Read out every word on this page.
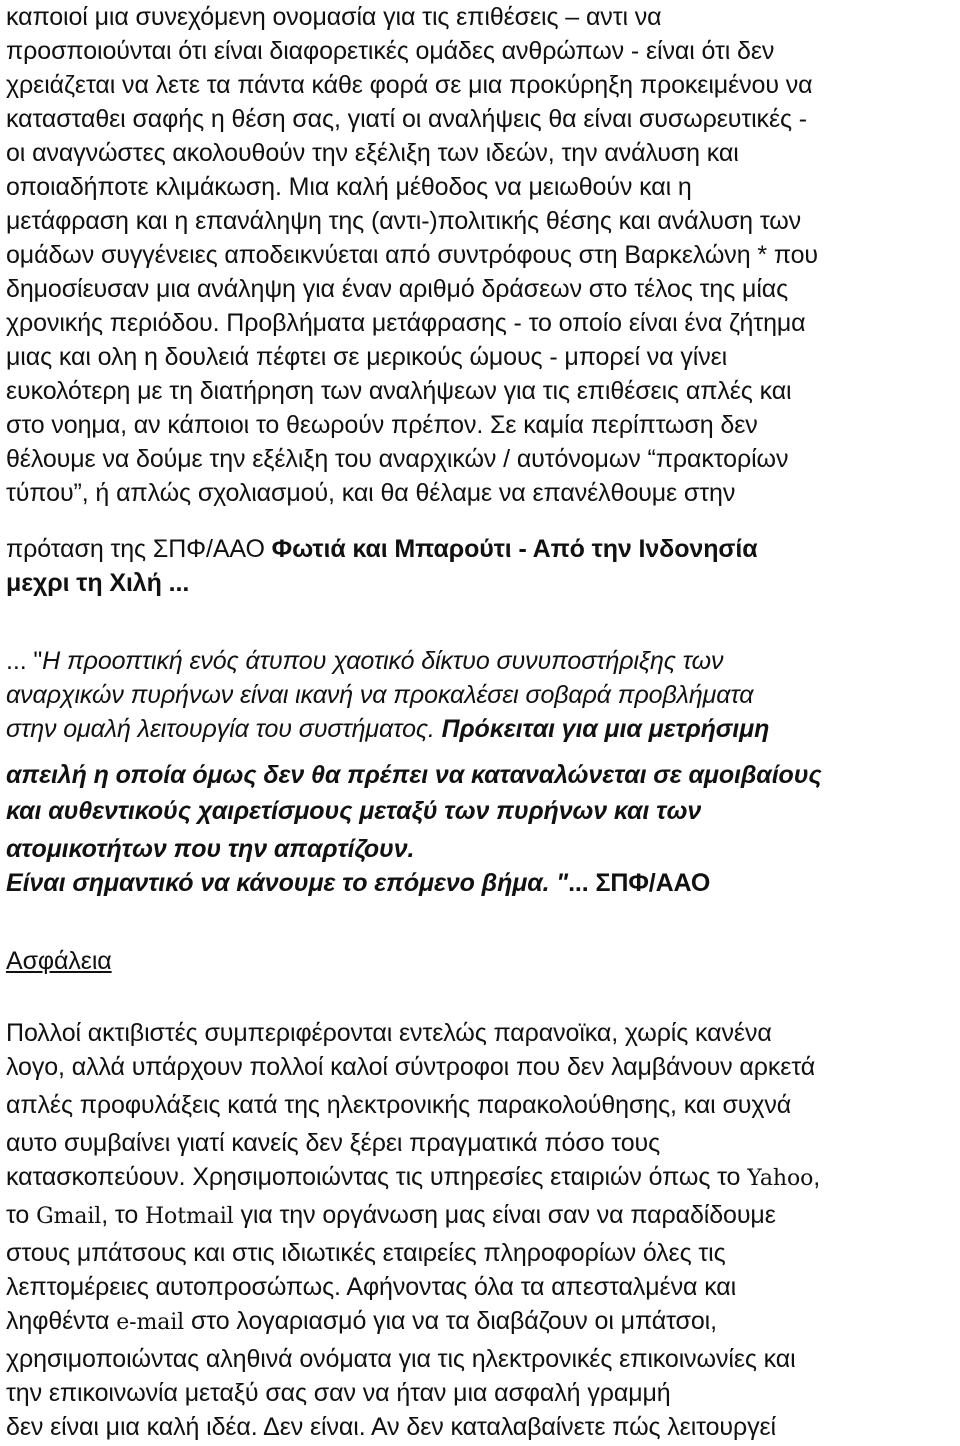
καποιοί μια συνεχόμενη ονομασία για τις επιθέσεις – αντι να
προσποιούνται ότι είναι διαφορετικές ομάδες ανθρώπων - είναι ότι δεν
χρειάζεται να λετε τα πάντα κάθε φορά σε μια προκύρηξη προκειμένου να
κατασταθει σαφής η θέση σας, γιατί οι αναλήψεις θα είναι συσωρευτικές -
οι αναγνώστες ακολουθούν την εξέλιξη των ιδεών, την ανάλυση και
οποιαδήποτε κλιμάκωση. Μια καλή μέθοδος να μειωθούν και η
μετάφραση και η επανάληψη της (αντι-)πολιτικής θέσης και ανάλυση των
ομάδων συγγένειες αποδεικνύεται από συντρόφους στη Βαρκελώνη * που
δημοσίευσαν μια ανάληψη για έναν αριθμό δράσεων στο τέλος της μίας
χρονικής περιόδου. Προβλήματα μετάφρασης - το οποίο είναι ένα ζήτημα
μιας και ολη η δουλειά πέφτει σε μερικούς ώμους - μπορεί να γίνει
ευκολότερη με τη διατήρηση των αναλήψεων για τις επιθέσεις απλές και
στο νοημα, αν κάποιοι το θεωρούν πρέπον. Σε καμία περίπτωση δεν
θέλουμε να δούμε την εξέλιξη του αναρχικών / αυτόνομων “πρακτορίων
τύπου”, ή απλώς σχολιασμού, και θα θέλαμε να επανέλθουμε στην
πρόταση της ΣΠΦ/ΑΑΟ Φωτιά και Μπαρούτι - Από την Ινδονησία
μεχρι τη Χιλή ...
... "Η προοπτική ενός άτυπου χαοτικό δίκτυο συνυποστήριξης των
αναρχικών πυρήνων είναι ικανή να προκαλέσει σοβαρά προβλήματα
στην ομαλή λειτουργία του συστήματος. Πρόκειται για μια μετρήσιμη
απειλή η οποία όμως δεν θα πρέπει να καταναλώνεται σε αμοιβαίους
και αυθεντικούς χαιρετίσμους μεταξύ των πυρήνων και των
ατομικοτήτων που την απαρτίζουν.
Είναι σημαντικό να κάνουμε το επόμενο βήμα. "... ΣΠΦ/ΑΑΟ
Ασφάλεια
Πολλοί ακτιβιστές συμπεριφέρονται εντελώς παρανοϊκα, χωρίς κανένα
λογο, αλλά υπάρχουν πολλοί καλοί σύντροφοι που δεν λαμβάνουν αρκετά
απλές προφυλάξεις κατά της ηλεκτρονικής παρακολούθησης, και συχνά
αυτο συμβαίνει γιατί κανείς δεν ξέρει πραγματικά πόσο τους
κατασκοπεύουν. Χρησιμοποιώντας τις υπηρεσίες εταιριών όπως το Yahoo,
το Gmail, το Hotmail για την οργάνωση μας είναι σαν να παραδίδουμε
στους μπάτσους και στις ιδιωτικές εταιρείες πληροφορίων όλες τις
λεπτομέρειες αυτοπροσώπως. Αφήνοντας όλα τα απεσταλμένα και
ληφθέντα e-mail στο λογαριασμό για να τα διαβάζουν οι μπάτσοι,
χρησιμοποιώντας αληθινά ονόματα για τις ηλεκτρονικές επικοινωνίες και
την επικοινωνία μεταξύ σας σαν να ήταν μια ασφαλή γραμμή
δεν είναι μια καλή ιδέα. Δεν είναι. Αν δεν καταλαβαίνετε πώς λειτουργεί
